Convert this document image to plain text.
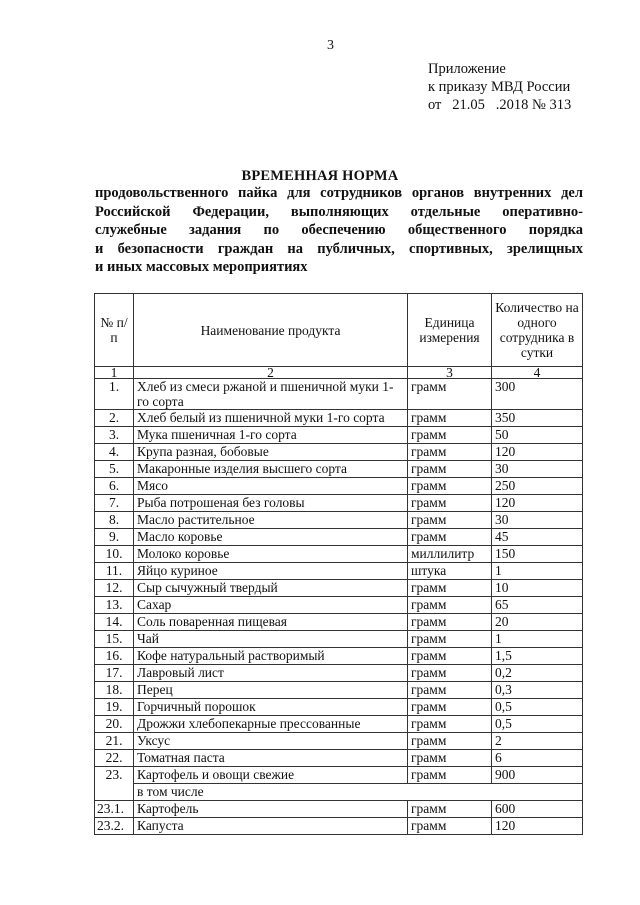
3
Приложение
к приказу МВД России
от   21.05   .2018 № 313
ВРЕМЕННАЯ НОРМА
продовольственного пайка для сотрудников органов внутренних дел
Российской Федерации, выполняющих отдельные оперативно-
служебные задания по обеспечению общественного порядка
и безопасности граждан на публичных, спортивных, зрелищных
и иных массовых мероприятиях
№ п/п	Наименование продукта	Единица измерения	Количество на одного сотрудника в сутки
1	2	3	4
1.	Хлеб из смеси ржаной и пшеничной муки 1-го сорта	грамм	300
2.	Хлеб белый из пшеничной муки 1-го сорта	грамм	350
3.	Мука пшеничная 1-го сорта	грамм	50
4.	Крупа разная, бобовые	грамм	120
5.	Макаронные изделия высшего сорта	грамм	30
6.	Мясо	грамм	250
7.	Рыба потрошеная без головы	грамм	120
8.	Масло растительное	грамм	30
9.	Масло коровье	грамм	45
10.	Молоко коровье	миллилитр	150
11.	Яйцо куриное	штука	1
12.	Сыр сычужный твердый	грамм	10
13.	Сахар	грамм	65
14.	Соль поваренная пищевая	грамм	20
15.	Чай	грамм	1
16.	Кофе натуральный растворимый	грамм	1,5
17.	Лавровый лист	грамм	0,2
18.	Перец	грамм	0,3
19.	Горчичный порошок	грамм	0,5
20.	Дрожжи хлебопекарные прессованные	грамм	0,5
21.	Уксус	грамм	2
22.	Томатная паста	грамм	6
23.	Картофель и овощи свежие	грамм	900
	в том числе		
23.1.	Картофель	грамм	600
23.2.	Капуста	грамм	120
